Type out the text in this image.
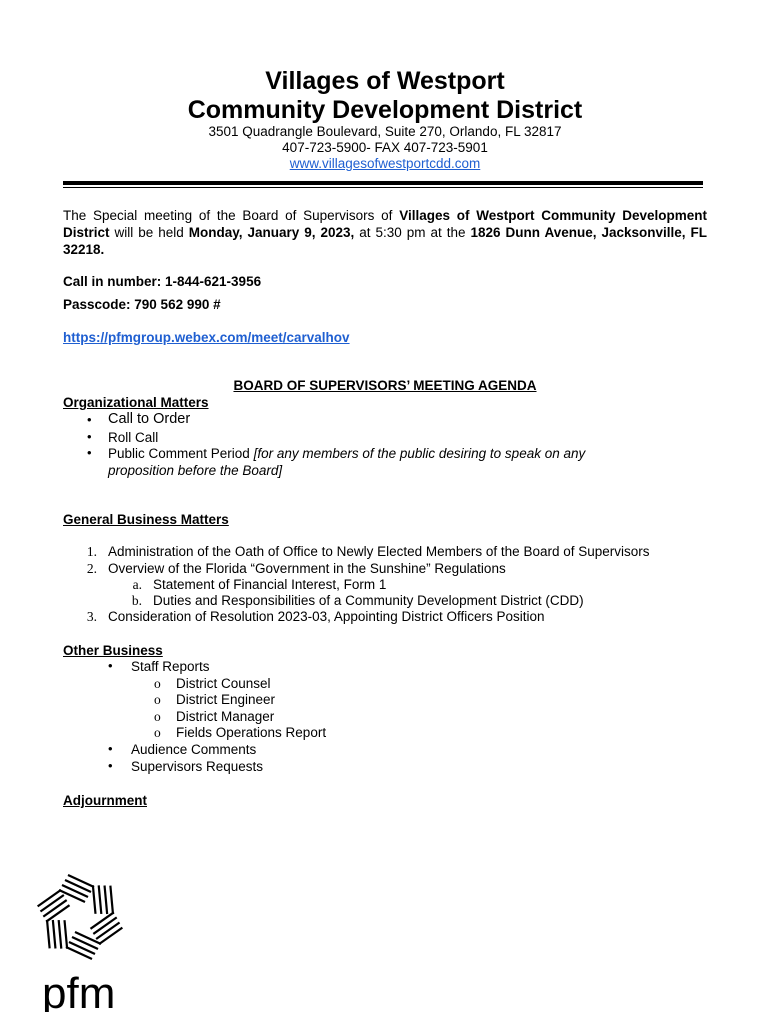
Villages of Westport
Community Development District
3501 Quadrangle Boulevard, Suite 270, Orlando, FL 32817
407-723-5900- FAX 407-723-5901
www.villagesofwestportcdd.com
The Special meeting of the Board of Supervisors of Villages of Westport Community Development District will be held Monday, January 9, 2023, at 5:30 pm at the 1826 Dunn Avenue, Jacksonville, FL 32218.
Call in number: 1-844-621-3956
Passcode: 790 562 990 #
https://pfmgroup.webex.com/meet/carvalhov
BOARD OF SUPERVISORS’ MEETING AGENDA
Organizational Matters
• Call to Order
• Roll Call
• Public Comment Period [for any members of the public desiring to speak on any
proposition before the Board]
General Business Matters
1. Administration of the Oath of Office to Newly Elected Members of the Board of Supervisors
2. Overview of the Florida “Government in the Sunshine” Regulations
a. Statement of Financial Interest, Form 1
b. Duties and Responsibilities of a Community Development District (CDD)
3. Consideration of Resolution 2023-03, Appointing District Officers Position
Other Business
• Staff Reports
o District Counsel
o District Engineer
o District Manager
o Fields Operations Report
• Audience Comments
• Supervisors Requests
Adjournment
pfm
